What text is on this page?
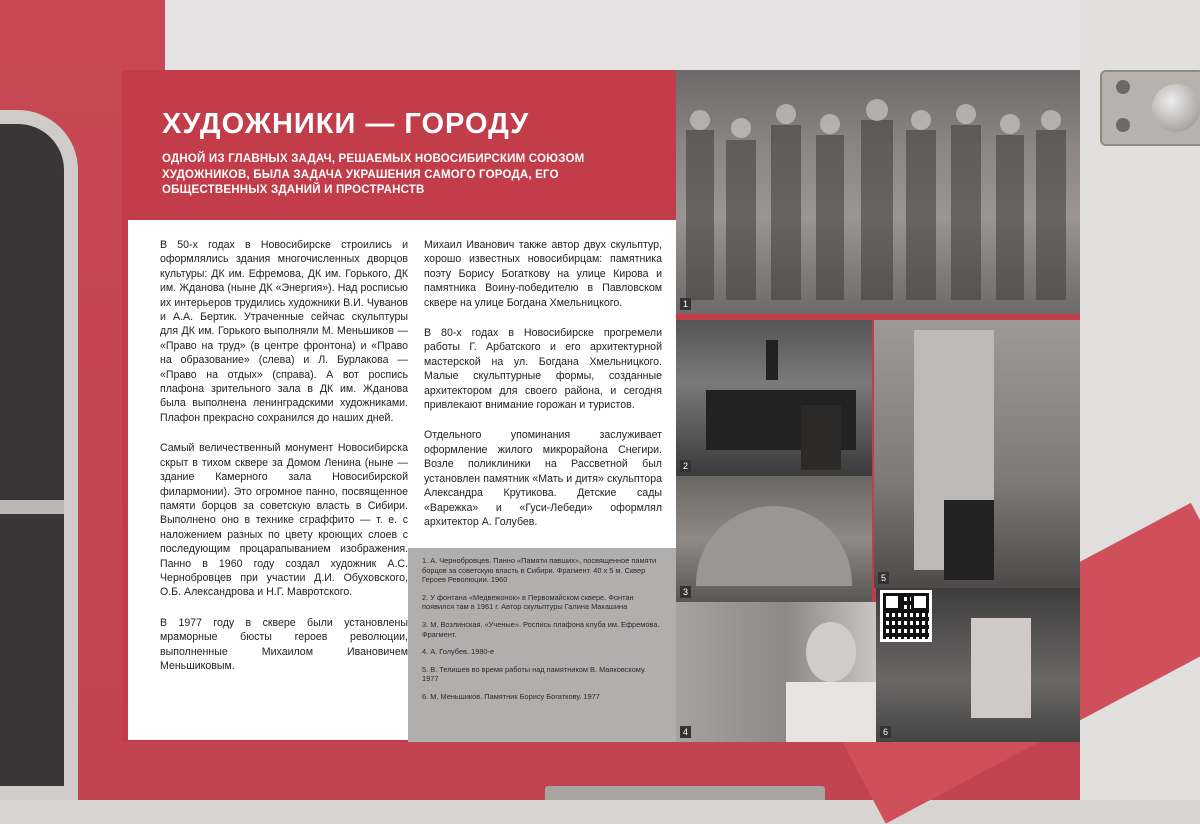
ХУДОЖНИКИ — ГОРОДУ
ОДНОЙ ИЗ ГЛАВНЫХ ЗАДАЧ, РЕШАЕМЫХ НОВОСИБИРСКИМ СОЮЗОМ ХУДОЖНИКОВ, БЫЛА ЗАДАЧА УКРАШЕНИЯ САМОГО ГОРОДА, ЕГО ОБЩЕСТВЕННЫХ ЗДАНИЙ И ПРОСТРАНСТВ

В 50-х годах в Новосибирске строились и оформлялись здания многочисленных дворцов культуры: ДК им. Ефремова, ДК им. Горького, ДК им. Жданова (ныне ДК «Энергия»). Над росписью их интерьеров трудились художники В.И. Чуванов и А.А. Бертик. Утраченные сейчас скульптуры для ДК им. Горького выполняли М. Меньшиков — «Право на труд» (в центре фронтона) и «Право на образование» (слева) и Л. Бурлакова — «Право на отдых» (справа). А вот роспись плафона зрительного зала в ДК им. Жданова была выполнена ленинградскими художниками. Плафон прекрасно сохранился до наших дней.

Самый величественный монумент Новосибирска скрыт в тихом сквере за Домом Ленина (ныне — здание Камерного зала Новосибирской филармонии). Это огромное панно, посвященное памяти борцов за советскую власть в Сибири. Выполнено оно в технике сграффито — т. е. с наложением разных по цвету кроющих слоев с последующим процарапыванием изображения. Панно в 1960 году создал художник А.С. Чернобровцев при участии Д.И. Обуховского, О.Б. Александрова и Н.Г. Мавротского.

В 1977 году в сквере были установлены мраморные бюсты героев революции, выполненные Михаилом Ивановичем Меньшиковым.

Михаил Иванович также автор двух скульптур, хорошо известных новосибирцам: памятника поэту Борису Богаткову на улице Кирова и памятника Воину-победителю в Павловском сквере на улице Богдана Хмельницкого.

В 80-х годах в Новосибирске прогремели работы Г. Арбатского и его архитектурной мастерской на ул. Богдана Хмельницкого. Малые скульптурные формы, созданные архитектором для своего района, и сегодня привлекают внимание горожан и туристов.

Отдельного упоминания заслуживает оформление жилого микрорайона Снегири. Возле поликлиники на Рассветной был установлен памятник «Мать и дитя» скульптора Александра Крутикова. Детские сады «Варежка» и «Гуси-Лебеди» оформлял архитектор А. Голубев.

1. А. Чернобровцев. Панно «Памяти павших», посвященное памяти борцов за советскую власть в Сибири. Фрагмент. 40 х 5 м. Сквер Героев Революции. 1960
2. У фонтана «Медвежонок» в Первомайском сквере. Фонтан появился там в 1961 г. Автор скульптуры Галина Макашина
3. М. Возлинская. «Ученые». Роспись плафона клуба им. Ефремова. Фрагмент.
4. А. Голубев. 1980-е
5. В. Телишев во время работы над памятником В. Маяковскому. 1977
6. М. Меньшиков. Памятник Борису Богаткову. 1977
1
2
3
4
5
6
